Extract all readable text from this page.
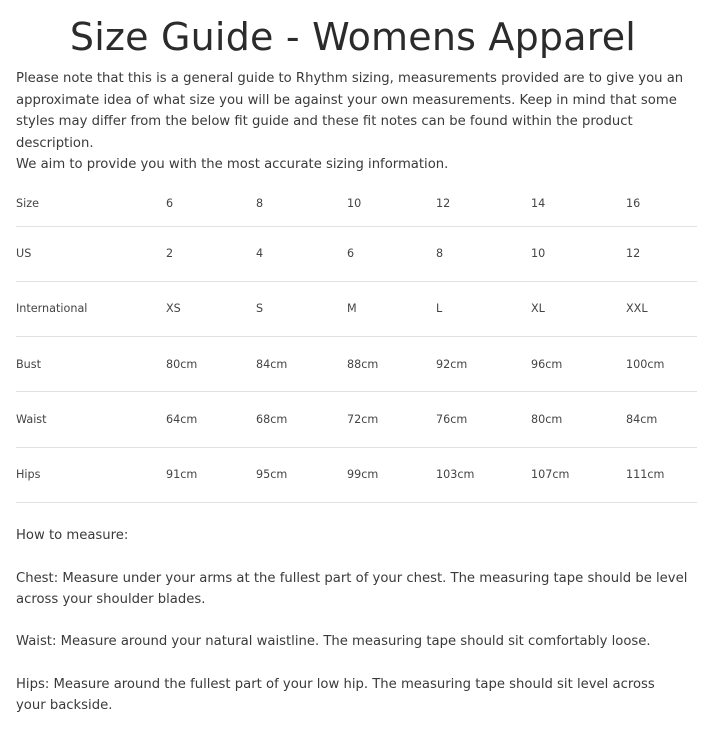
Size Guide - Womens Apparel

Please note that this is a general guide to Rhythm sizing, measurements provided are to give you an approximate idea of what size you will be against your own measurements. Keep in mind that some styles may differ from the below fit guide and these fit notes can be found within the product description.

We aim to provide you with the most accurate sizing information.

Size	6	8	10	12	14	16
US	2	4	6	8	10	12
International	XS	S	M	L	XL	XXL
Bust	80cm	84cm	88cm	92cm	96cm	100cm
Waist	64cm	68cm	72cm	76cm	80cm	84cm
Hips	91cm	95cm	99cm	103cm	107cm	111cm

How to measure:

Chest: Measure under your arms at the fullest part of your chest. The measuring tape should be level across your shoulder blades.

Waist: Measure around your natural waistline. The measuring tape should sit comfortably loose.

Hips: Measure around the fullest part of your low hip. The measuring tape should sit level across your backside.
